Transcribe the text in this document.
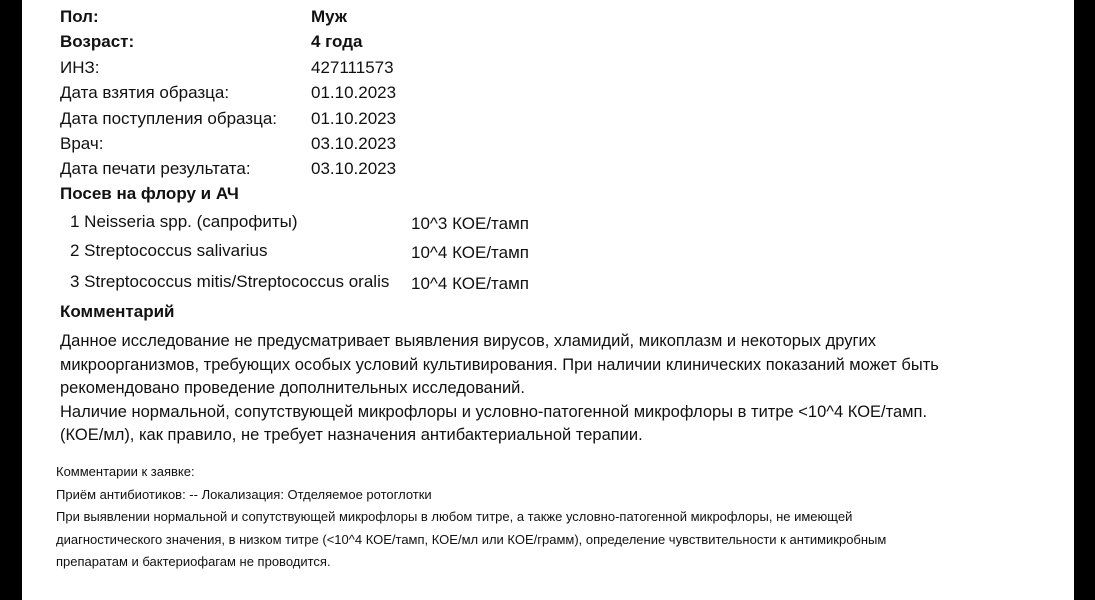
Пол:	Муж
Возраст:	4 года
ИНЗ:	427111573
Дата взятия образца:	01.10.2023
Дата поступления образца: 01.10.2023
Врач:	03.10.2023
Дата печати результата:	03.10.2023
Посев на флору и АЧ
1 Neisseria spp. (сапрофиты)	10^3 КОЕ/тамп
2 Streptococcus salivarius	10^4 КОЕ/тамп
3 Streptococcus mitis/Streptococcus oralis 10^4 КОЕ/тамп
Комментарий

Данное исследование не предусматривает выявления вирусов, хламидий, микоплазм и некоторых других

микроорганизмов, требующих особых условий культивирования. При наличии клинических показаний может быть

рекомендовано проведение дополнительных исследований.

Наличие нормальной, сопутствующей микрофлоры и условно-патогенной микрофлоры в титре <10^4 КОЕ/тамп.

(КОЕ/мл), как правило, не требует назначения антибактериальной терапии.

Комментарии к заявке:

Приём антибиотиков: -- Локализация: Отделяемое ротоглотки

При выявлении нормальной и сопутствующей микрофлоры в любом титре, а также условно-патогенной микрофлоры, не имеющей

диагностического значения, в низком титре (<10^4 КОЕ/тамп, КОЕ/мл или КОЕ/грамм), определение чувствительности к антимикробным

препаратам и бактериофагам не проводится.
